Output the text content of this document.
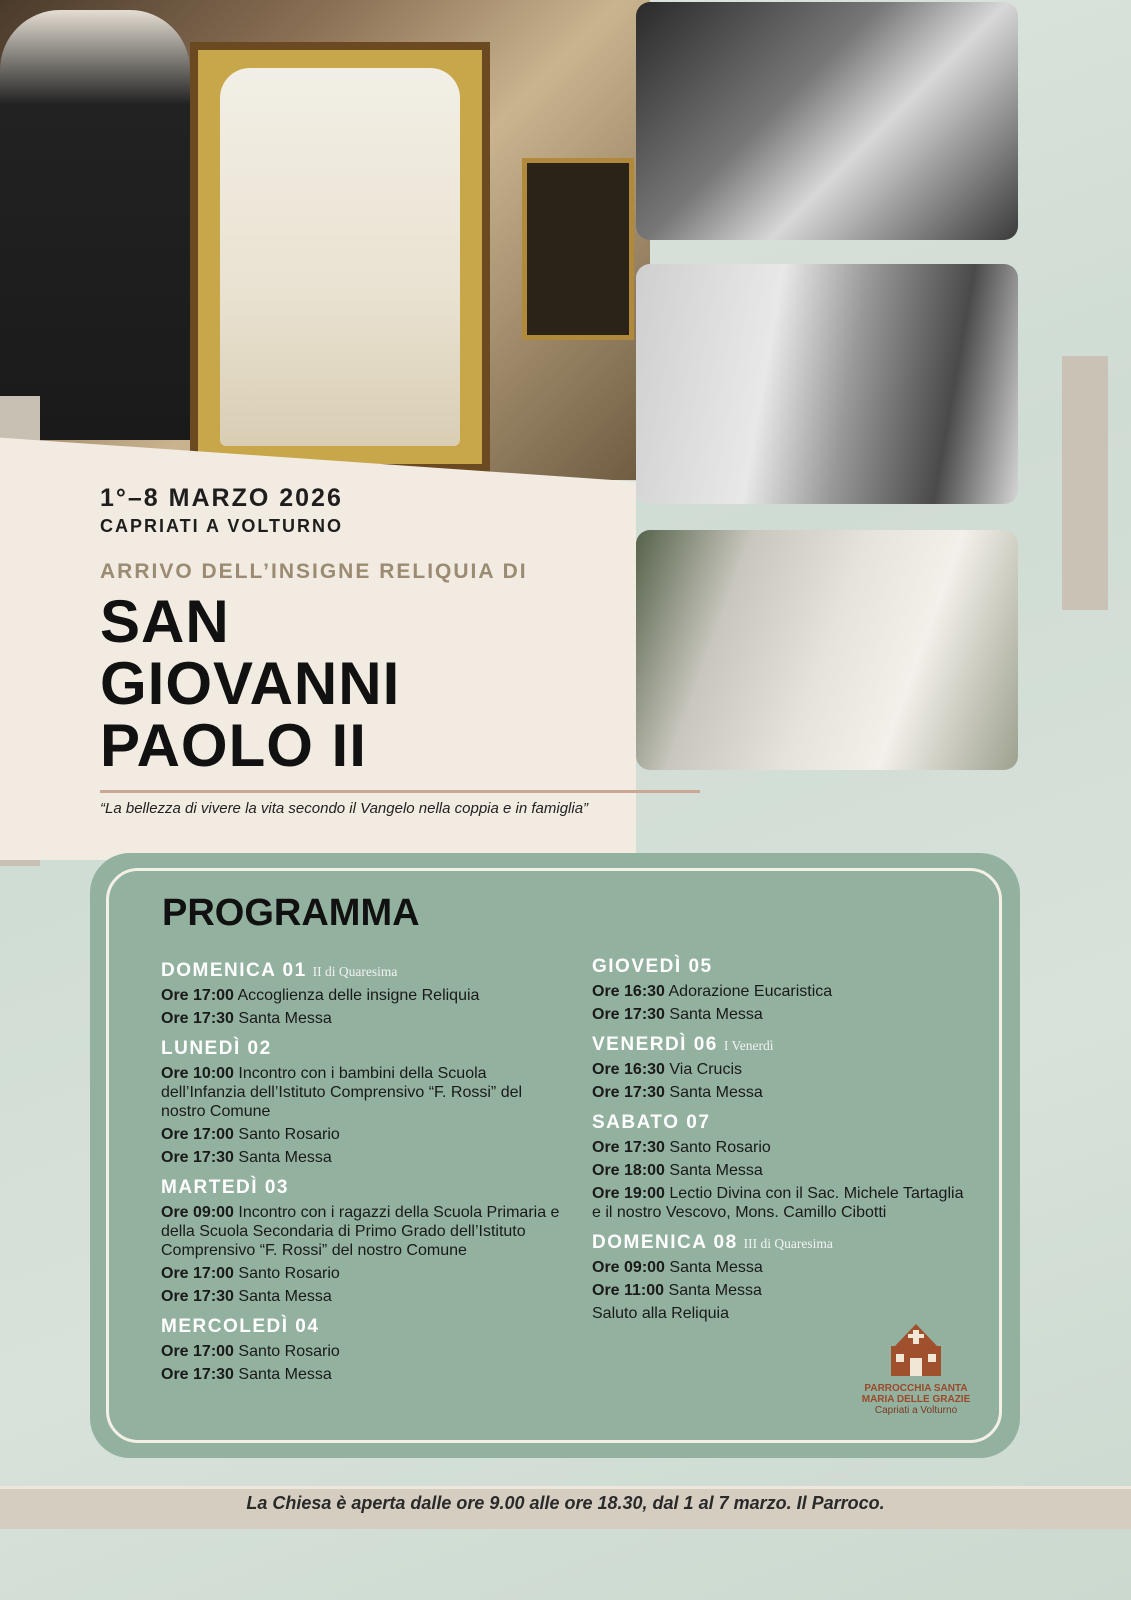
1°–8 MARZO 2026
CAPRIATI A VOLTURNO
ARRIVO DELL’INSIGNE RELIQUIA DI
SAN
GIOVANNI
PAOLO II
“La bellezza di vivere la vita secondo il Vangelo nella coppia e in famiglia”
PROGRAMMA
DOMENICA 01 II di Quaresima
Ore 17:00 Accoglienza delle insigne Reliquia
Ore 17:30 Santa Messa
LUNEDÌ 02
Ore 10:00 Incontro con i bambini della Scuola dell’Infanzia dell’Istituto Comprensivo “F. Rossi” del nostro Comune
Ore 17:00 Santo Rosario
Ore 17:30 Santa Messa
MARTEDÌ 03
Ore 09:00 Incontro con i ragazzi della Scuola Primaria e della Scuola Secondaria di Primo Grado dell’Istituto Comprensivo “F. Rossi” del nostro Comune
Ore 17:00 Santo Rosario
Ore 17:30 Santa Messa
MERCOLEDÌ 04
Ore 17:00 Santo Rosario
Ore 17:30 Santa Messa
GIOVEDÌ 05
Ore 16:30 Adorazione Eucaristica
Ore 17:30 Santa Messa
VENERDÌ 06 I Venerdì
Ore 16:30 Via Crucis
Ore 17:30 Santa Messa
SABATO 07
Ore 17:30 Santo Rosario
Ore 18:00 Santa Messa
Ore 19:00 Lectio Divina con il Sac. Michele Tartaglia e il nostro Vescovo, Mons. Camillo Cibotti
DOMENICA 08 III di Quaresima
Ore 09:00 Santa Messa
Ore 11:00 Santa Messa
Saluto alla Reliquia
PARROCCHIA SANTA
MARIA DELLE GRAZIE
Capriati a Volturno
La Chiesa è aperta dalle ore 9.00 alle ore 18.30, dal 1 al 7 marzo. Il Parroco.
